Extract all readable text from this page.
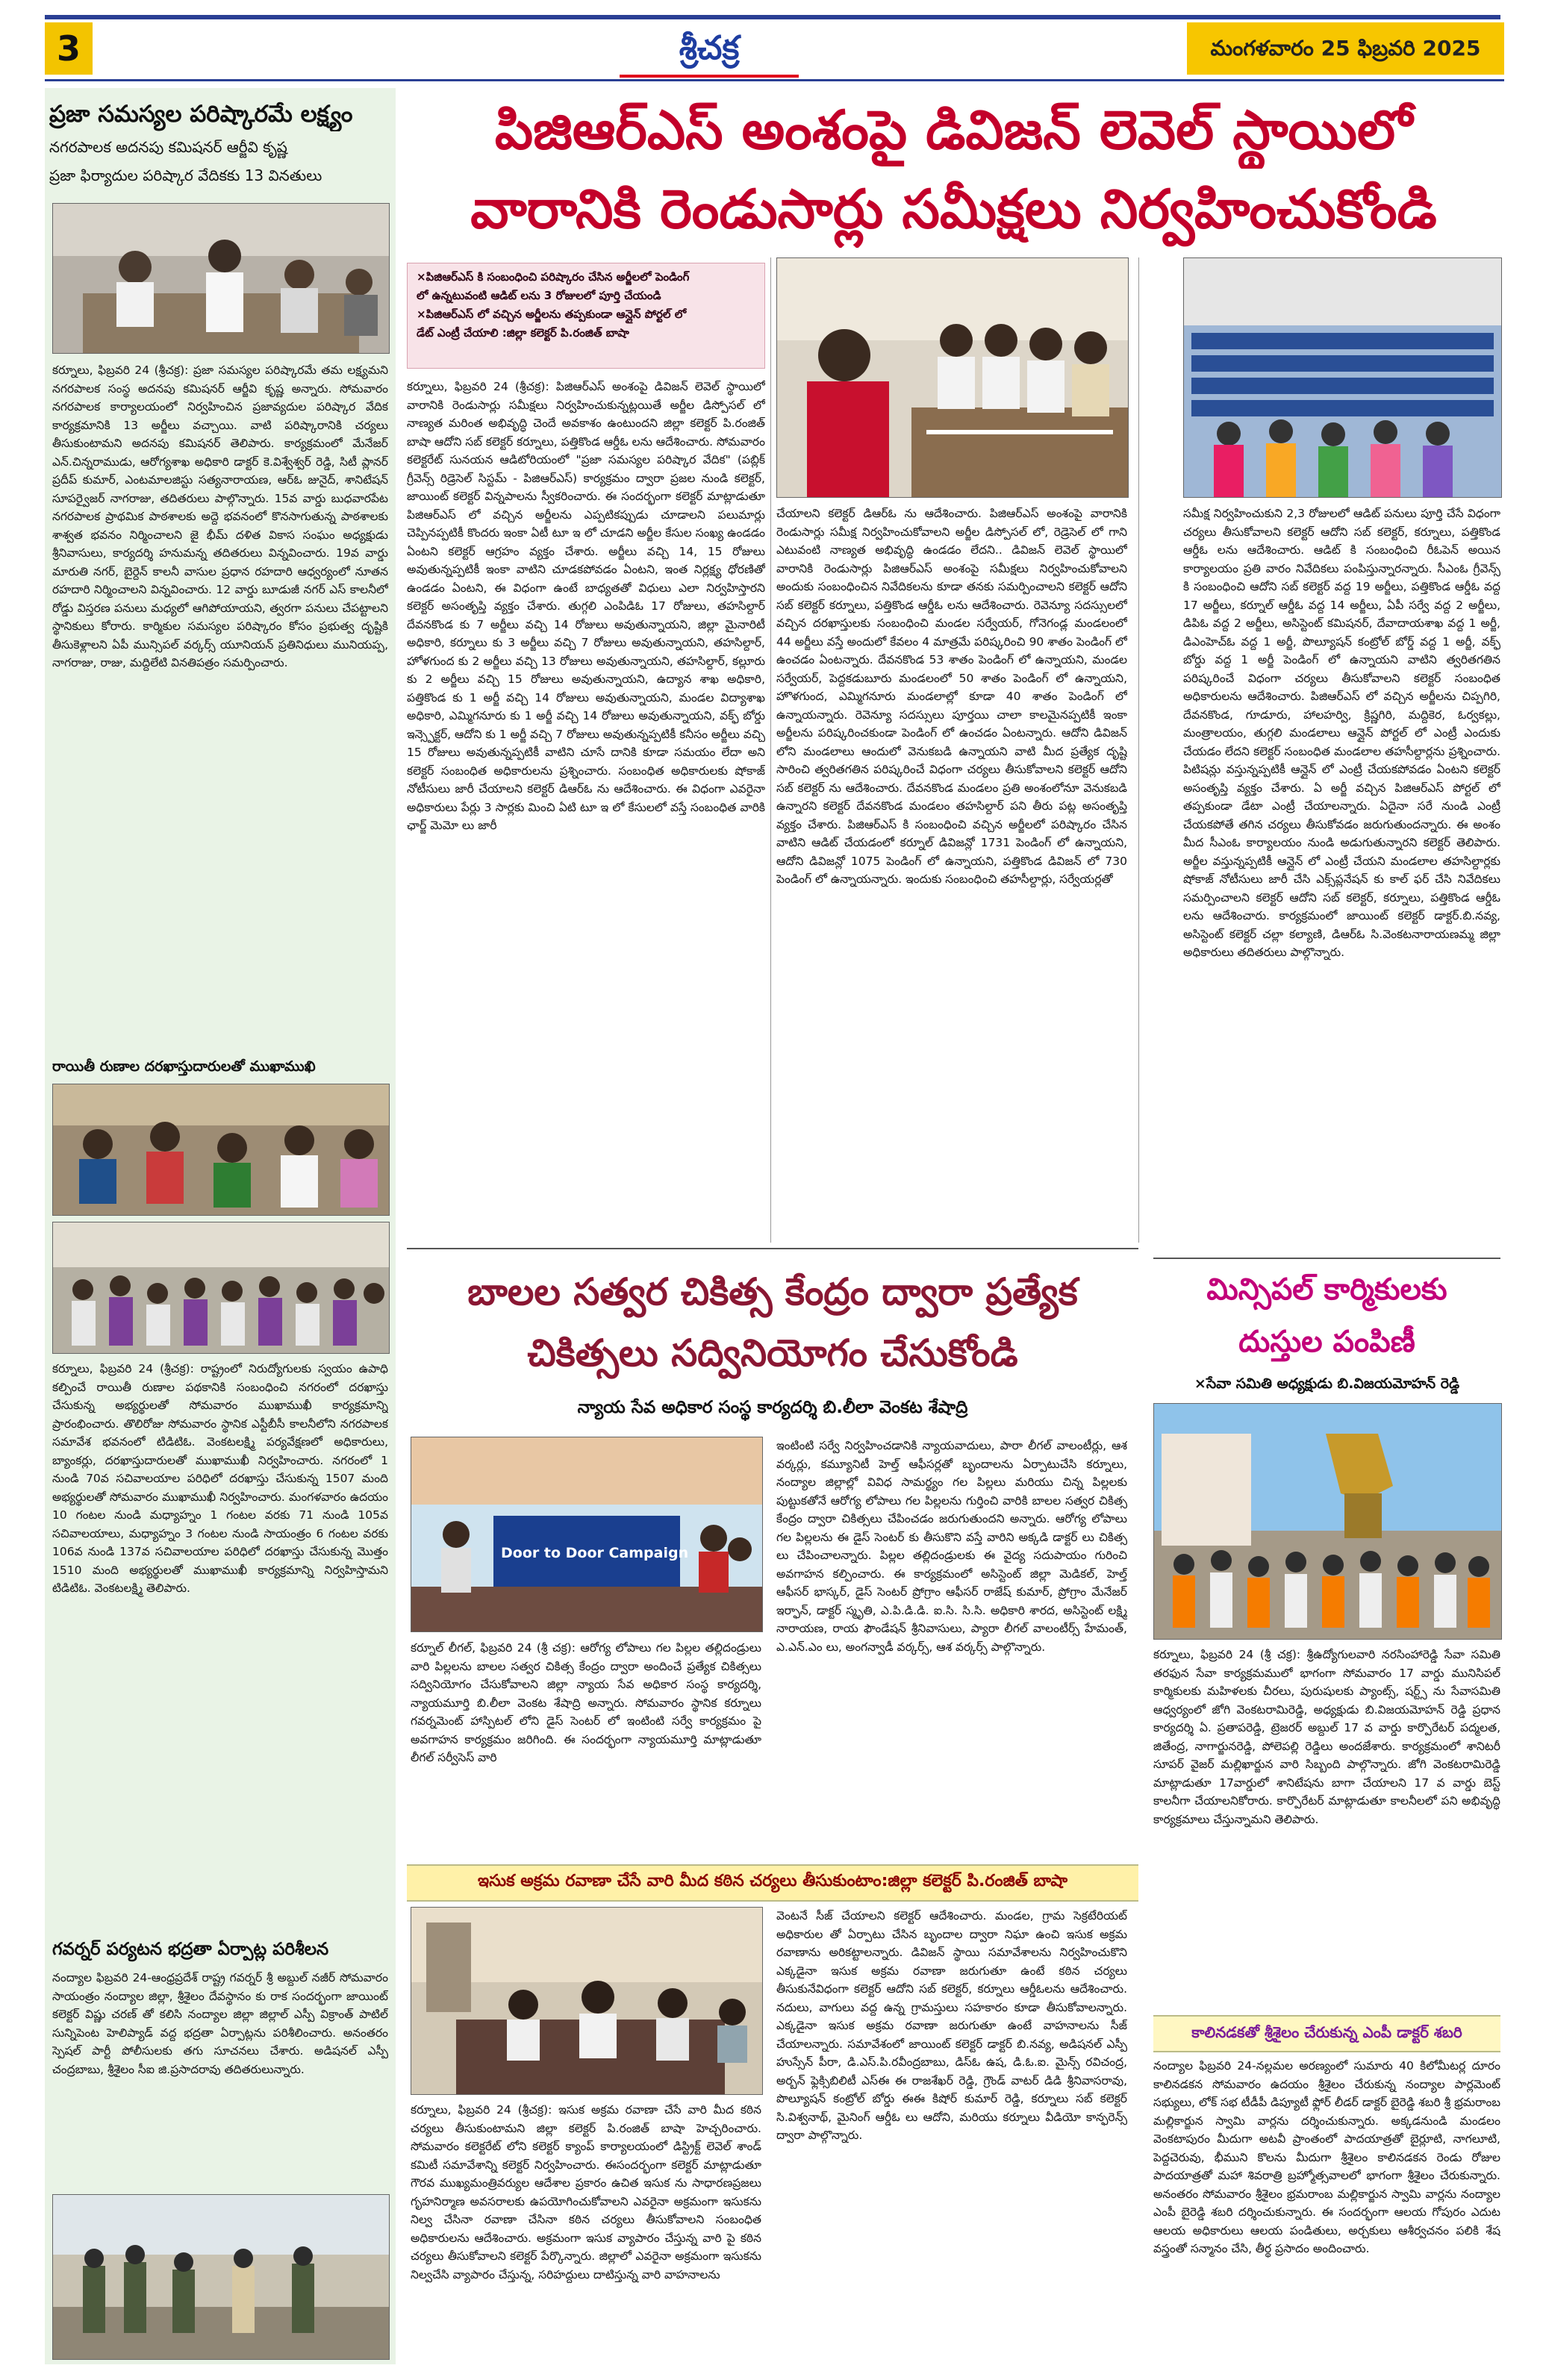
3	శ్రీచక్ర	మంగళవారం 25 ఫిబ్రవరి 2025
ప్రజా సమస్యల పరిష్కారమే లక్ష్యం
నగరపాలక అదనపు కమిషనర్ ఆర్జీవి కృష్ణ
ప్రజా ఫిర్యాదుల పరిష్కార వేదికకు 13 వినతులు
కర్నూలు, ఫిబ్రవరి 24 (శ్రీచక్ర): ప్రజా సమస్యల పరిష్కారమే తమ లక్ష్యమని నగరపాలక సంస్థ అదనపు కమిషనర్ ఆర్జీవి కృష్ణ అన్నారు. సోమవారం నగరపాలక కార్యాలయంలో నిర్వహించిన ప్రజావ్యదుల పరిష్కార వేదిక కార్యక్రమానికి 13 అర్జీలు వచ్చాయి. వాటి పరిష్కారానికి చర్యలు తీసుకుంటామని అదనపు కమిషనర్ తెలిపారు. కార్యక్రమంలో మేనేజర్ ఎన్.చిన్నరాముడు, ఆరోగ్యశాఖ అధికారి డాక్టర్ కె.విశ్వేశ్వర్ రెడ్డి, సిటీ ప్లానర్ ప్రదీప్ కుమార్, ఎంటమాలజిస్టు సత్యనారాయణ, ఆర్‌ఓ జునైద్, శానిటేషన్ సూపర్వైజర్ నాగరాజు, తదితరులు పాల్గొన్నారు. 15వ వార్డు బుధవారపేట నగరపాలక ప్రాథమిక పాఠశాలకు అద్దె భవనంలో కొనసాగుతున్న పాఠశాలకు శాశ్వత భవనం నిర్మించాలని జై భీమ్ దళిత వికాస సంఘం అధ్యక్షుడు శ్రీనివాసులు, కార్యదర్శి హనుమన్న తదితరులు విన్నవించారు. 19వ వార్డు మారుతి నగర్, బైర్దెన్ కాలనీ వాసుల ప్రధాన రహదారి ఆధ్వర్యంలో నూతన రహదారి నిర్మించాలని విన్నవించారు. 12 వార్డు బూడుజీ నగర్ ఎస్ కాలనీలో రోడ్డు విస్తరణ పనులు మధ్యలో ఆగిపోయాయని, త్వరగా పనులు చేపట్టాలని స్థానికులు కోరారు. కార్మికుల సమస్యల పరిష్కారం కోసం ప్రభుత్వ దృష్టికి తీసుకెళ్లాలని ఏపీ మున్సిపల్ వర్కర్స్ యూనియన్ ప్రతినిధులు మునియప్ప, నాగరాజు, రాజు, మద్దిలేటి వినతిపత్రం సమర్పించారు.
రాయితీ రుణాల దరఖాస్తుదారులతో ముఖాముఖి
కర్నూలు, ఫిబ్రవరి 24 (శ్రీచక్ర): రాష్ట్రంలో నిరుద్యోగులకు స్వయం ఉపాధి కల్పించే రాయితీ రుణాల పథకానికి సంబంధించి నగరంలో దరఖాస్తు చేసుకున్న అభ్యర్థులతో సోమవారం ముఖాముఖీ కార్యక్రమాన్ని ప్రారంభించారు. తొలిరోజు సోమవారం స్థానిక ఎస్టీబీసీ కాలనీలోని నగరపాలక సమావేశ భవనంలో టిడిటిఓ. వెంకటలక్ష్మి పర్యవేక్షణలో అధికారులు, బ్యాంకర్లు, దరఖాస్తుదారులతో ముఖాముఖీ నిర్వహించారు. నగరంలో 1 నుండి 70వ సచివాలయాల పరిధిలో దరఖాస్తు చేసుకున్న 1507 మంది అభ్యర్థులతో సోమవారం ముఖాముఖీ నిర్వహించారు. మంగళవారం ఉదయం 10 గంటల నుండి మధ్యాహ్నం 1 గంటల వరకు 71 నుండి 105వ సచివాలయాలు, మధ్యాహ్నం 3 గంటల నుండి సాయంత్రం 6 గంటల వరకు 106వ నుండి 137వ సచివాలయాల పరిధిలో దరఖాస్తు చేసుకున్న మొత్తం 1510 మంది అభ్యర్థులతో ముఖాముఖీ కార్యక్రమాన్ని నిర్వహిస్తామని టిడిటిఓ. వెంకటలక్ష్మి తెలిపారు.
గవర్నర్ పర్యటన భద్రతా ఏర్పాట్ల పరిశీలన
నంద్యాల ఫిబ్రవరి 24-ఆంధ్రప్రదేశ్ రాష్ట్ర గవర్నర్ శ్రీ అబ్దుల్ నజీర్ సోమవారం సాయంత్రం నంద్యాల జిల్లా, శ్రీశైలం దేవస్థానం కు రాక సందర్భంగా జాయింట్ కలెక్టర్ విష్ణు చరణ్ తో కలిసి నంద్యాల జిల్లా జిల్లాల్ ఎస్పీ విక్రాంత్ పాటిల్ సున్నిపెంట హెలిప్యాడ్ వద్ద భద్రతా ఏర్పాట్లను పరిశీలించారు. అనంతరం స్పెషల్ పార్టీ పోలీసులకు తగు సూచనలు చేశారు. అడిషనల్ ఎస్పీ చంద్రబాబు, శ్రీశైలం సీఐ జి.ప్రసాదరావు తదితరులున్నారు.
పిజిఆర్ఎస్ అంశంపై డివిజన్ లెవెల్ స్థాయిలో
వారానికి రెండుసార్లు సమీక్షలు నిర్వహించుకోండి
×పిజిఆర్ఎస్ కి సంబంధించి పరిష్కారం చేసిన అర్జీలలో పెండింగ్
లో ఉన్నటువంటి ఆడిట్ లను 3 రోజులలో పూర్తి చేయండి
×పిజిఆర్ఎస్ లో వచ్చిన అర్జీలను తప్పకుండా ఆన్లైన్ పోర్టల్ లో
డేట్ ఎంట్రీ చేయాలి :జిల్లా కలెక్టర్ పి.రంజిత్ బాషా
కర్నూలు, ఫిబ్రవరి 24 (శ్రీచక్ర): పిజిఆర్ఎస్ అంశంపై డివిజన్ లెవెల్ స్థాయిలో వారానికి రెండుసార్లు సమీక్షలు నిర్వహించుకున్నట్లయితే అర్జీల డిస్పోసల్ లో నాణ్యత మరింత అభివృద్ధి చెందే అవకాశం ఉంటుందని జిల్లా కలెక్టర్ పి.రంజిత్ బాషా ఆదోని సబ్ కలెక్టర్ కర్నూలు, పత్తికొండ ఆర్డీఓ లను ఆదేశించారు. సోమవారం కలెక్టరేట్ సునయన ఆడిటోరియంలో "ప్రజా సమస్యల పరిష్కార వేదిక" (పబ్లిక్ గ్రీవెన్స్ రిడ్రెసెల్ సిస్టమ్ - పిజిఆర్ఎస్) కార్యక్రమం ద్వారా ప్రజల నుండి కలెక్టర్, జాయింట్ కలెక్టర్ విన్నపాలను స్వీకరించారు. ఈ సందర్భంగా కలెక్టర్ మాట్లాడుతూ పిజిఆర్ఎస్ లో వచ్చిన అర్జీలను ఎప్పటికప్పుడు చూడాలని పలుమార్లు చెప్పినప్పటికీ కొందరు ఇంకా ఏటీ టూ ఇ లో చూడని అర్జీల కేసుల సంఖ్య ఉండడం ఏంటని కలెక్టర్ ఆగ్రహం వ్యక్తం చేశారు. అర్జీలు వచ్చి 14, 15 రోజులు అవుతున్నప్పటికీ ఇంకా వాటిని చూడకపోవడం ఏంటని, ఇంత నిర్లక్ష్య ధోరణితో ఉండడం ఏంటని, ఈ విధంగా ఉంటే బాధ్యతతో విధులు ఎలా నిర్వహిస్తారని కలెక్టర్ అసంతృప్తి వ్యక్తం చేశారు. తుగ్గలి ఎంపిడిఓ 17 రోజులు, తహసిల్దార్ దేవనకొండ కు 7 అర్జీలు వచ్చి 14 రోజులు అవుతున్నాయని, జిల్లా మైనారిటీ అధికారి, కర్నూలు కు 3 అర్జీలు వచ్చి 7 రోజులు అవుతున్నాయని, తహసిల్దార్, హోళగుంద కు 2 అర్జీలు వచ్చి 13 రోజులు అవుతున్నాయని, తహసిల్దార్, కల్లూరు కు 2 అర్జీలు వచ్చి 15 రోజులు అవుతున్నాయని, ఉద్యాన శాఖ అధికారి, పత్తికొండ కు 1 అర్జీ వచ్చి 14 రోజులు అవుతున్నాయని, మండల విద్యాశాఖ అధికారి, ఎమ్మిగనూరు కు 1 అర్జీ వచ్చి 14 రోజులు అవుతున్నాయని, వక్ఫ్ బోర్డు ఇన్స్పెక్టర్, ఆదోని కు 1 అర్జీ వచ్చి 7 రోజులు అవుతున్నప్పటికీ కనీసం అర్జీలు వచ్చి 15 రోజులు అవుతున్నప్పటికీ వాటిని చూసే దానికి కూడా సమయం లేదా అని కలెక్టర్ సంబంధిత అధికారులను ప్రశ్నించారు. సంబంధిత అధికారులకు షోకాజ్ నోటీసులు జారీ చేయాలని కలెక్టర్ డిఆర్ఓ ను ఆదేశించారు. ఈ విధంగా ఎవరైనా అధికారులు పేర్లు 3 సార్లకు మించి ఏటి టూ ఇ లో కేసులలో వస్తే సంబంధిత వారికి ఛార్జ్ మెమో లు జారీ
చేయాలని కలెక్టర్ డిఆర్ఓ ను ఆదేశించారు. పిజిఆర్ఎస్ అంశంపై వారానికి రెండుసార్లు సమీక్ష నిర్వహించుకోవాలని అర్జీల డిస్పోసల్ లో, రెడ్రెసెల్ లో గాని ఎటువంటి నాణ్యత అభివృద్ధి ఉండడం లేదని.. డివిజన్ లెవెల్ స్థాయిలో వారానికి రెండుసార్లు పిజిఆర్ఎస్ అంశంపై సమీక్షలు నిర్వహించుకోవాలని అందుకు సంబంధించిన నివేదికలను కూడా తనకు సమర్పించాలని కలెక్టర్ ఆదోని సబ్ కలెక్టర్ కర్నూలు, పత్తికొండ ఆర్డీఓ లను ఆదేశించారు. రెవెన్యూ సదస్సులలో వచ్చిన దరఖాస్తులకు సంబంధించి మండల సర్వేయర్, గోనెగండ్ల మండలంలో 44 అర్జీలు వస్తే అందులో కేవలం 4 మాత్రమే పరిష్కరించి 90 శాతం పెండింగ్ లో ఉంచడం ఏంటన్నారు. దేవనకొండ 53 శాతం పెండింగ్ లో ఉన్నాయని, మండల సర్వేయర్, పెద్దకడుబూరు మండలంలో 50 శాతం పెండింగ్ లో ఉన్నాయని, హొళగుంద, ఎమ్మిగనూరు మండలాల్లో కూడా 40 శాతం పెండింగ్ లో ఉన్నాయన్నారు. రెవెన్యూ సదస్సులు పూర్తయి చాలా కాలమైనప్పటికీ ఇంకా అర్జీలను పరిష్కరించకుండా పెండింగ్ లో ఉంచడం ఏంటన్నారు. ఆదోని డివిజన్ లోని మండలాలు ఆందులో వెనుకబడి ఉన్నాయని వాటి మీద ప్రత్యేక దృష్టి సారించి త్వరితగతిన పరిష్కరించే విధంగా చర్యలు తీసుకోవాలని కలెక్టర్ ఆదోని సబ్ కలెక్టర్ ను ఆదేశించారు. దేవనకొండ మండలం ప్రతి అంశంలోనూ వెనుకబడి ఉన్నారని కలెక్టర్ దేవనకొండ మండలం తహసిల్దార్ పని తీరు పట్ల అసంతృప్తి వ్యక్తం చేశారు. పిజిఆర్ఎస్ కి సంబంధించి వచ్చిన అర్జీలలో పరిష్కారం చేసిన వాటిని ఆడిట్ చేయడంలో కర్నూల్ డివిజన్లో 1731 పెండింగ్ లో ఉన్నాయని, ఆదోని డివిజన్లో 1075 పెండింగ్ లో ఉన్నాయని, పత్తికొండ డివిజన్ లో 730 పెండింగ్ లో ఉన్నాయన్నారు. ఇందుకు సంబంధించి తహసీల్దార్లు, సర్వేయర్లతో
సమీక్ష నిర్వహించుకుని 2,3 రోజులలో ఆడిట్ పనులు పూర్తి చేసే విధంగా చర్యలు తీసుకోవాలని కలెక్టర్ ఆదోని సబ్ కలెక్టర్, కర్నూలు, పత్తికొండ ఆర్డీఓ లను ఆదేశించారు. ఆడిట్ కి సంబంధించి రీఓపెన్ అయిన కార్యాలయం ప్రతి వారం నివేదికలు పంపిస్తున్నారన్నారు. సీఎంఓ గ్రీవెన్స్ కి సంబంధించి ఆదోని సబ్ కలెక్టర్ వద్ద 19 అర్జీలు, పత్తికొండ ఆర్డీఓ వద్ద 17 అర్జీలు, కర్నూల్ ఆర్డీఓ వద్ద 14 అర్జీలు, ఏపీ సర్వే వద్ద 2 అర్జీలు, డిపిఓ వద్ద 2 అర్జీలు, అసిస్టెంట్ కమిషనర్, దేవాదాయశాఖ వద్ద 1 అర్జీ, డిఎంహెచ్ఓ వద్ద 1 అర్జీ, పొల్యూషన్ కంట్రోల్ బోర్డ్ వద్ద 1 అర్జీ, వక్ఫ్ బోర్డు వద్ద 1 అర్జీ పెండింగ్ లో ఉన్నాయని వాటిని త్వరితగతిన పరిష్కరించే విధంగా చర్యలు తీసుకోవాలని కలెక్టర్ సంబంధిత అధికారులను ఆదేశించారు. పిజిఆర్ఎస్ లో వచ్చిన అర్జీలను చిప్పగిరి, దేవనకొండ, గూడూరు, హాలహర్వి, క్రిష్ణగిరి, మద్దికెర, ఓర్వకల్లు, మంత్రాలయం, తుగ్గలి మండలాలు ఆన్లైన్ పోర్టల్ లో ఎంట్రీ ఎందుకు చేయడం లేదని కలెక్టర్ సంబంధిత మండలాల తహసీల్దార్లను ప్రశ్నించారు. పిటిషన్లు వస్తున్నప్పటికీ ఆన్లైన్ లో ఎంట్రీ చేయకపోవడం ఏంటని కలెక్టర్ అసంతృప్తి వ్యక్తం చేశారు. ఏ అర్జీ వచ్చిన పిజిఆర్ఎస్ పోర్టల్ లో తప్పకుండా డేటా ఎంట్రీ చేయాలన్నారు. ఏదైనా సరే నుండి ఎంట్రీ చేయకపోతే తగిన చర్యలు తీసుకోవడం జరుగుతుందన్నారు. ఈ అంశం మీద సీఎంఓ కార్యాలయం నుండి అడుగుతున్నారని కలెక్టర్ తెలిపారు. అర్జీల వస్తున్నప్పటికీ ఆన్లైన్ లో ఎంట్రీ చేయని మండలాల తహసిల్దార్లకు షోకాజ్ నోటీసులు జారీ చేసి ఎక్స్‌ప్లనేషన్ కు కాల్ ఫర్ చేసి నివేదికలు సమర్పించాలని కలెక్టర్ ఆదోని సబ్ కలెక్టర్, కర్నూలు, పత్తికొండ ఆర్డీఓ లను ఆదేశించారు. కార్యక్రమంలో జాయింట్ కలెక్టర్ డాక్టర్.బి.నవ్య, అసిస్టెంట్ కలెక్టర్ చల్లా కల్యాణి, డిఆర్ఓ సి.వెంకటనారాయణమ్మ జిల్లా అధికారులు తదితరులు పాల్గొన్నారు.
బాలల సత్వర చికిత్స కేంద్రం ద్వారా ప్రత్యేక
చికిత్సలు సద్వినియోగం చేసుకోండి
న్యాయ సేవ అధికార సంస్థ కార్యదర్శి బి.లీలా వెంకట శేషాద్రి
Door to Door Campaign
కర్నూల్ లీగల్, ఫిబ్రవరి 24 (శ్రీ చక్ర): ఆరోగ్య లోపాలు గల పిల్లల తల్లిదండ్రులు వారి పిల్లలను బాలల సత్వర చికిత్స కేంద్రం ద్వారా అందించే ప్రత్యేక చికిత్సలు సద్వినియోగం చేసుకోవాలని జిల్లా న్యాయ సేవ అధికార సంస్థ కార్యదర్శి, న్యాయమూర్తి బి.లీలా వెంకట శేషాద్రి అన్నారు. సోమవారం స్థానిక కర్నూలు గవర్నమెంట్ హాస్పిటల్ లోని డైస్ సెంటర్ లో ఇంటింటి సర్వే కార్యక్రమం పై అవగాహన కార్యక్రమం జరిగింది. ఈ సందర్భంగా న్యాయమూర్తి మాట్లాడుతూ లీగల్ సర్వీసెస్ వారి
ఇంటింటి సర్వే నిర్వహించడానికి న్యాయవాదులు, పారా లీగల్ వాలంటీర్లు, ఆశ వర్కర్లు, కమ్యూనిటీ హెల్త్ ఆఫీసర్లతో బృందాలను ఏర్పాటుచేసి కర్నూలు, నంద్యాల జిల్లాల్లో వివిధ సామర్థ్యం గల పిల్లలు మరియు చిన్న పిల్లలకు పుట్టుకతోనే ఆరోగ్య లోపాలు గల పిల్లలను గుర్తించి వారికి బాలల సత్వర చికిత్స కేంద్రం ద్వారా చికిత్సలు చేపించడం జరుగుతుందని అన్నారు. ఆరోగ్య లోపాలు గల పిల్లలను ఈ డైస్ సెంటర్ కు తీసుకొని వస్తే వారిని అక్కడి డాక్టర్ లు చికిత్స లు చేపించాలన్నారు. పిల్లల తల్లిదండ్రులకు ఈ వైద్య సదుపాయం గురించి అవగాహన కల్పించారు. ఈ కార్యక్రమంలో అసిస్టెంట్ జిల్లా మెడికల్, హెల్త్ ఆఫీసర్ భాస్కర్, డైస్ సెంటర్ ప్రోగ్రాం ఆఫీసర్ రాజేష్ కుమార్, ప్రోగ్రాం మేనేజర్ ఇర్ఫాన్, డాక్టర్ స్మృతి, ఎ.పి.డి.డి. ఐ.సి. సి.సి. అధికారి శారద, అసిస్టెంట్ లక్ష్మి నారాయణ, రాయ ఫౌండేషన్ శ్రీనివాసులు, ప్యారా లీగల్ వాలంటీర్స్ హేమంత్, ఎ.ఎన్.ఎం లు, అంగన్వాడీ వర్కర్స్, ఆశ వర్కర్స్ పాల్గొన్నారు.
ఇసుక అక్రమ రవాణా చేసే వారి మీద కఠిన చర్యలు తీసుకుంటాం:జిల్లా కలెక్టర్ పి.రంజిత్ బాషా
కర్నూలు, ఫిబ్రవరి 24 (శ్రీచక్ర): ఇసుక అక్రమ రవాణా చేసే వారి మీద కఠిన చర్యలు తీసుకుంటామని జిల్లా కలెక్టర్ పి.రంజిత్ బాషా హెచ్చరించారు. సోమవారం కలెక్టరేట్ లోని కలెక్టర్ క్యాంప్ కార్యాలయంలో డిస్ట్రిక్ట్ లెవెల్ శాండ్ కమిటీ సమావేశాన్ని కలెక్టర్ నిర్వహించారు. ఈసందర్భంగా కలెక్టర్ మాట్లాడుతూ గౌరవ ముఖ్యమంత్రివర్యుల ఆదేశాల ప్రకారం ఉచిత ఇసుక ను సాధారణప్రజలు గృహనిర్మాణ అవసరాలకు ఉపయోగించుకోవాలని ఎవరైనా అక్రమంగా ఇసుకను నిల్వ చేసినా రవాణా చేసినా కఠిన చర్యలు తీసుకోవాలని సంబంధిత అధికారులను ఆదేశించారు. అక్రమంగా ఇసుక వ్యాపారం చేస్తున్న వారి పై కఠిన చర్యలు తీసుకోవాలని కలెక్టర్ పేర్కొన్నారు. జిల్లాలో ఎవరైనా అక్రమంగా ఇసుకను నిల్వచేసి వ్యాపారం చేస్తున్న, సరిహద్దులు దాటిస్తున్న వారి వాహనాలను
వెంటనే సీజ్ చేయాలని కలెక్టర్ ఆదేశించారు. మండల, గ్రామ సెక్రటేరియట్ అధికారుల తో ఏర్పాటు చేసిన బృందాల ద్వారా నిఘా ఉంచి ఇసుక అక్రమ రవాణాను అరికట్టాలన్నారు. డివిజన్ స్థాయి సమావేశాలను నిర్వహించుకొని ఎక్కడైనా ఇసుక అక్రమ రవాణా జరుగుతూ ఉంటే కఠిన చర్యలు తీసుకునేవిధంగా కలెక్టర్ ఆదోని సబ్ కలెక్టర్, కర్నూలు ఆర్డీఓలను ఆదేశించారు. నదులు, వాగులు వద్ద ఉన్న గ్రామస్తులు సహకారం కూడా తీసుకోవాలన్నారు. ఎక్కడైనా ఇసుక అక్రమ రవాణా జరుగుతూ ఉంటే వాహనాలను సీజ్ చేయాలన్నారు. సమావేశంలో జాయింట్ కలెక్టర్ డాక్టర్ బి.నవ్య, అడిషనల్ ఎస్పీ హుస్సేన్ పీరా, డి.ఎస్.పి.రవీంద్రబాబు, డిస్ఓ ఉష, డి.ఓ.ఐ. మైన్స్ రవిచంద్ర, అర్బన్ ఫ్లెక్సిబిలిటీ ఎస్ఈ ఈ రాజశేఖర్ రెడ్డి, గ్రౌండ్ వాటర్ డిడి శ్రీనివాసరావు, పొల్యూషన్ కంట్రోల్ బోర్డు ఈఈ కిషోర్ కుమార్ రెడ్డి, కర్నూలు సబ్ కలెక్టర్ సి.విశ్వనాథ్, మైనింగ్ ఆర్డీఓ లు ఆదోని, మరియు కర్నూలు వీడియో కాన్ఫరెన్స్ ద్వారా పాల్గొన్నారు.
మిన్సిపల్ కార్మికులకు
దుస్తుల పంపిణీ
×సేవా సమితి అధ్యక్షుడు బి.విజయమోహన్ రెడ్డి
కర్నూలు, ఫిబ్రవరి 24 (శ్రీ చక్ర): శ్రీఉద్యోగులవారి నరసింహారెడ్డి సేవా సమితి తరఫున సేవా కార్యక్రమములో భాగంగా సోమవారం 17 వార్డు మునిసిపల్ కార్మికులకు మహిళలకు చీరలు, పురుషులకు ప్యాంట్స్, షర్ట్స్ ను సేవాసమితి ఆధ్వర్యంలో జోగి వెంకటరామిరెడ్డి, అధ్యక్షుడు బి.విజయమోహన్ రెడ్డి ప్రధాన కార్యదర్శి ఏ. ప్రతాపరెడ్డి, ట్రెజరర్ అబ్దుల్ 17 వ వార్డు కార్పొరేటర్ పద్మలత, జితేంద్ర, నాగార్జునరెడ్డి, పోలెపల్లి రెడ్డిలు అందజేశారు. కార్యక్రమంలో శానిటరీ సూపర్ వైజర్ మల్లిఖార్జున వారి సిబ్బంది పాల్గొన్నారు. జోగి వెంకటరామిరెడ్డి మాట్లాడుతూ 17వార్డులో శానిటేషను బాగా చేయాలని 17 వ వార్డు బెస్ట్ కాలనీగా చేయాలనికోరారు. కార్పొరేటర్ మాట్లాడుతూ కాలనీలలో పని అభివృద్ధి కార్యక్రమాలు చేస్తున్నామని తెలిపారు.
కాలినడకతో శ్రీశైలం చేరుకున్న ఎంపీ డాక్టర్ శబరి
నంద్యాల ఫిబ్రవరి 24-నల్లమల అరణ్యంలో సుమారు 40 కిలోమీటర్ల దూరం కాలినడకన సోమవారం ఉదయం శ్రీశైలం చేరుకున్న నంద్యాల పార్లమెంట్ సభ్యులు, లోక్ సభ టీడీపీ డిప్యూటీ ఫ్లోర్ లీడర్ డాక్టర్ బైరెడ్డి శబరి శ్రీ భ్రమరాంబ మల్లికార్జున స్వామి వార్లను దర్శించుకున్నారు. అక్కడనుండి మండలం వెంకటాపురం మీదుగా అటవీ ప్రాంతంలో పాదయాత్రతో బైర్లూటి, నాగలూటి, పెద్దచెరువు, భీముని కొలను మీదుగా శ్రీశైలం కాలినడకన రెండు రోజుల పాదయాత్రతో మహా శివరాత్రి బ్రహ్మోత్సవాలలో భాగంగా శ్రీశైలం చేరుకున్నారు. అనంతరం సోమవారం శ్రీశైలం భ్రమరాంబ మల్లికార్జున స్వామి వార్లను నంద్యాల ఎంపీ బైరెడ్డి శబరి దర్శించుకున్నారు. ఈ సందర్భంగా ఆలయ గోపురం ఎదుట ఆలయ అధికారులు ఆలయ పండితులు, అర్చకులు ఆశీర్వచనం పలికి శేష వస్త్రంతో సన్మానం చేసి, తీర్థ ప్రసాదం అందించారు.
